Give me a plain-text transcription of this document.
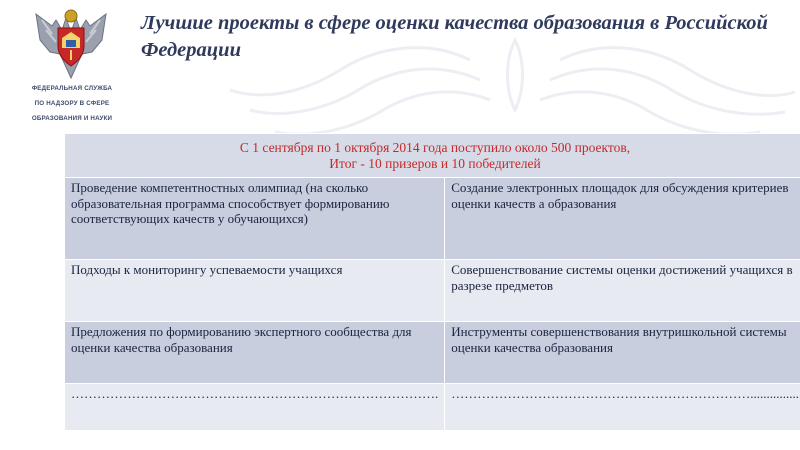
ФЕДЕРАЛЬНАЯ СЛУЖБА
ПО НАДЗОРУ В СФЕРЕ
ОБРАЗОВАНИЯ И НАУКИ
Лучшие проекты в сфере оценки качества образования в Российской Федерации
С 1 сентября по 1 октября 2014 года поступило около 500 проектов,
Итог - 10 призеров и 10 победителей	

Проведение компетентностных олимпиад (на сколько образовательная программа способствует формированию соответствующих качеств у обучающихся)	Создание электронных площадок для обсуждения критериев оценки качеств а образования
Подходы к мониторингу успеваемости учащихся	Совершенствование системы оценки достижений учащихся в разрезе предметов
Предложения по формированию экспертного сообщества для оценки качества образования	Инструменты совершенствования внутришкольной системы оценки качества образования
………………………………………………………………………….	……………………………………………………………...............
